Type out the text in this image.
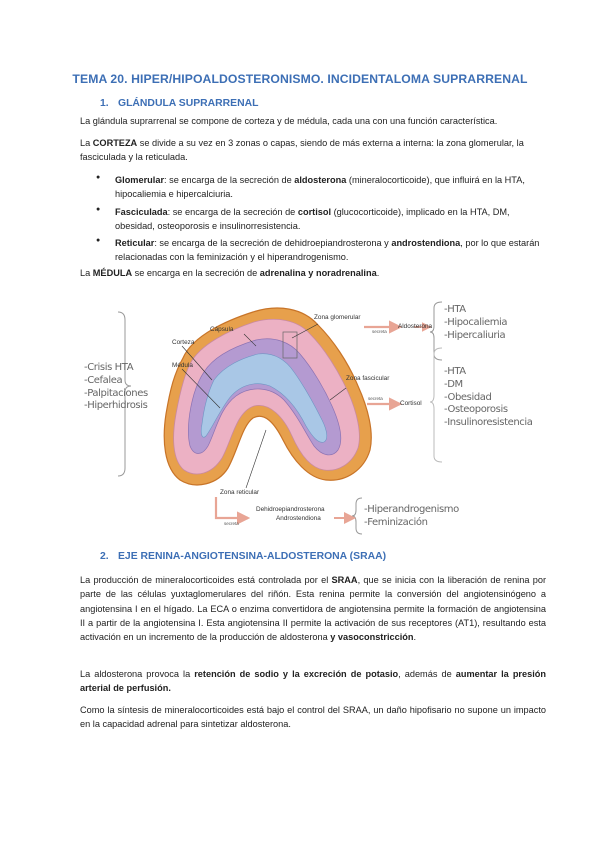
TEMA 20. HIPER/HIPOALDOSTERONISMO. INCIDENTALOMA SUPRARRENAL
1. GLÁNDULA SUPRARRENAL

La glándula suprarrenal se compone de corteza y de médula, cada una con una función característica.

La CORTEZA se divide a su vez en 3 zonas o capas, siendo de más externa a interna: la zona glomerular, la fasciculada y la reticulada.

● Glomerular: se encarga de la secreción de aldosterona (mineralocorticoide), que influirá en la HTA, hipocaliemia e hipercalciuria.
● Fasciculada: se encarga de la secreción de cortisol (glucocorticoide), implicado en la HTA, DM, obesidad, osteoporosis e insulinorresistencia.
● Reticular: se encarga de la secreción de dehidroepiandrosterona y androstendiona, por lo que estarán relacionadas con la feminización y el hiperandrogenismo.

La MÉDULA se encarga en la secreción de adrenalina y noradrenalina.

Cápsula
Zona glomerular
Corteza
Médula
Zona fascicular
Zona reticular
Aldosterona
Cortisol
Dehidroepiandrosterona
Androstendiona
secreta
secreta
secreta
-Crisis HTA
-Cefalea
-Palpitaciones
-Hiperhidrosis
-HTA
-Hipocaliemia
-Hipercaliuria
-HTA
-DM
-Obesidad
-Osteoporosis
-Insulinoresistencia
-Hiperandrogenismo
-Feminización
2. EJE RENINA-ANGIOTENSINA-ALDOSTERONA (SRAA)

La producción de mineralocorticoides está controlada por el SRAA, que se inicia con la liberación de renina por parte de las células yuxtaglomerulares del riñón. Esta renina permite la conversión del angiotensinógeno a angiotensina I en el hígado. La ECA o enzima convertidora de angiotensina permite la formación de angiotensina II a partir de la angiotensina I. Esta angiotensina II permite la activación de sus receptores (AT1), resultando esta activación en un incremento de la producción de aldosterona y vasoconstricción.

La aldosterona provoca la retención de sodio y la excreción de potasio, además de aumentar la presión arterial de perfusión.

Como la síntesis de mineralocorticoides está bajo el control del SRAA, un daño hipofisario no supone un impacto en la capacidad adrenal para sintetizar aldosterona.
